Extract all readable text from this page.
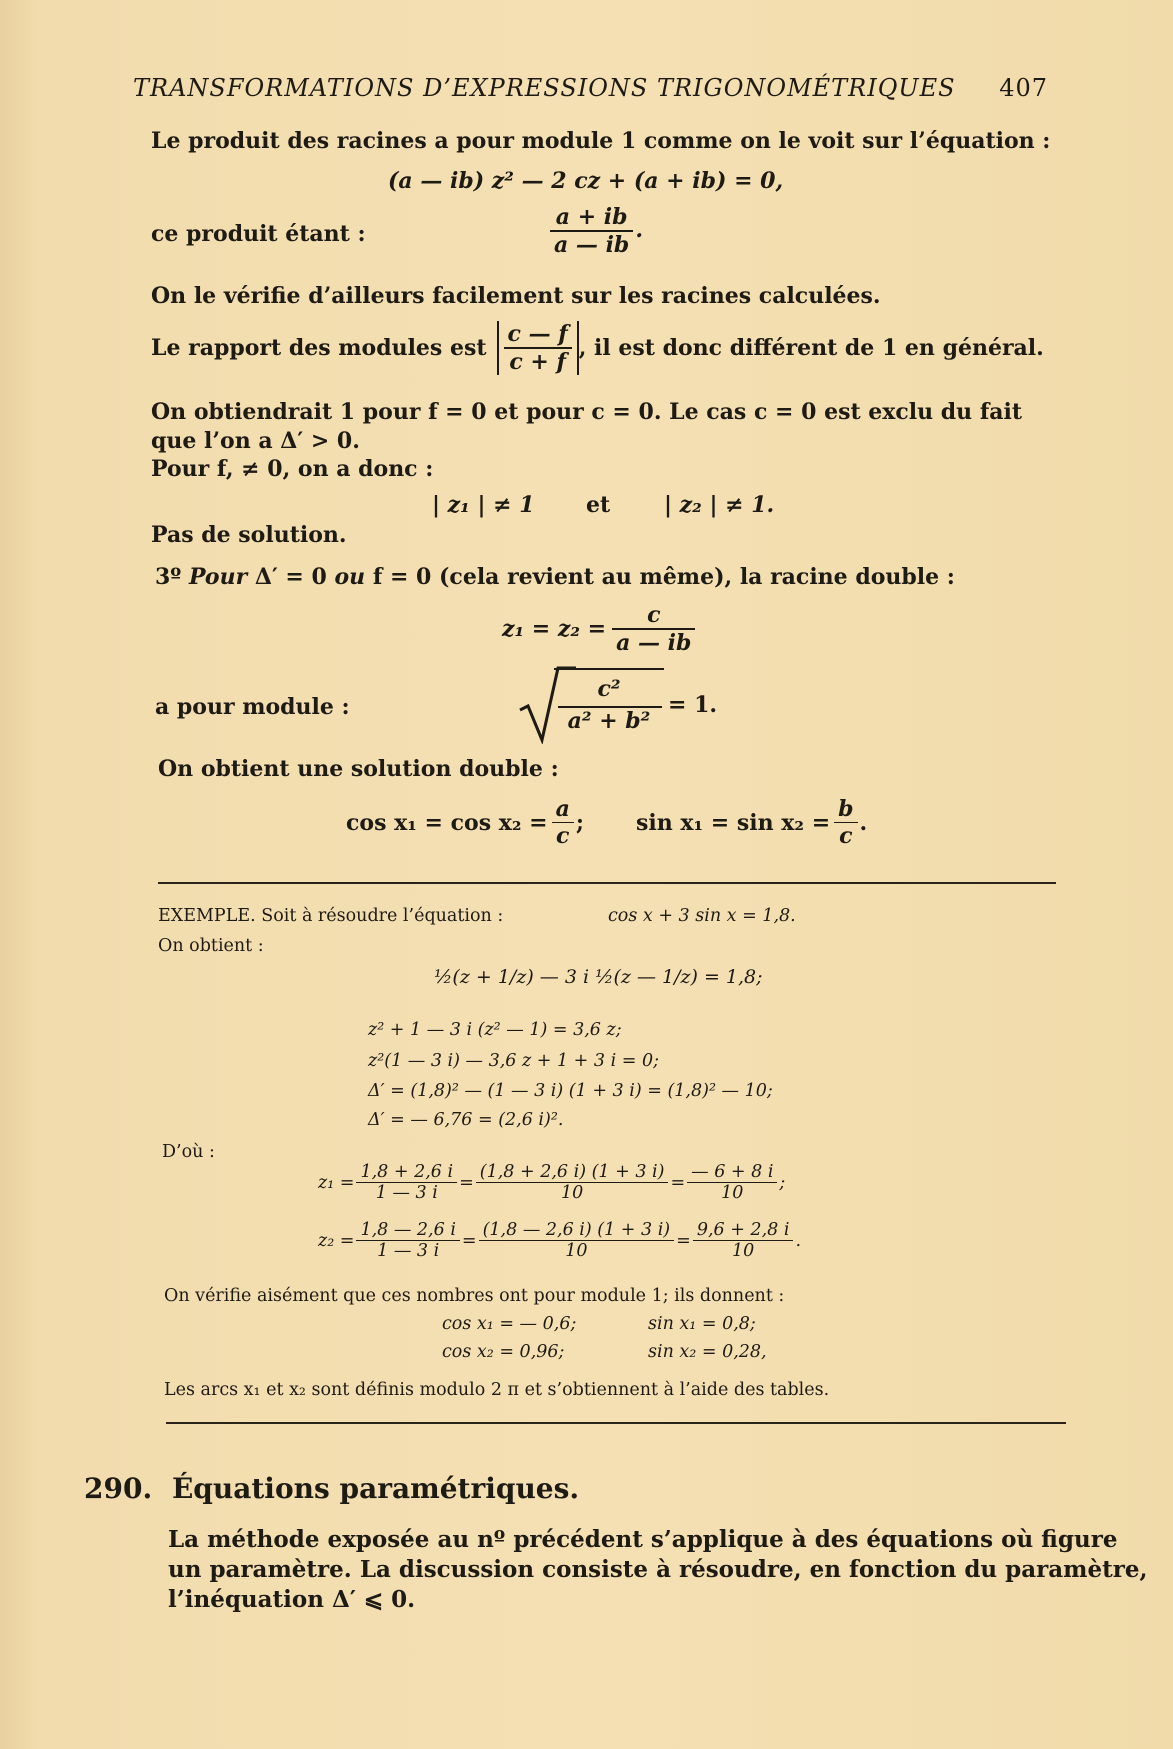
TRANSFORMATIONS D’EXPRESSIONS TRIGONOMÉTRIQUES 407
Le produit des racines a pour module 1 comme on le voit sur l’équation :
(a — ib) z² — 2 cz + (a + ib) = 0,
ce produit étant :	$\frac{a + ib}{a — ib}$ .
On le vérifie d’ailleurs facilement sur les racines calculées.
Le rapport des modules est $\frac{c — f}{c + f}$ , il est donc différent de 1 en général.
On obtiendrait 1 pour f = 0 et pour c = 0. Le cas c = 0 est exclu du fait
que l’on a Δ′ > 0.
Pour f, ≠ 0, on a donc :
| z₁ | ≠ 1 et | z₂ | ≠ 1.
Pas de solution.
3º Pour Δ′ = 0 ou f = 0 (cela revient au même), la racine double :
$z_1 = z_2 = \frac{c}{a — ib}$
a pour module :
c²
a² + b²
= 1.
On obtient une solution double :
$\cos x_1 = \cos x_2 = \frac{a}{c}$ ; $\sin x_1 = \sin x_2 = \frac{b}{c}$ .
EXEMPLE. Soit à résoudre l’équation :	cos x + 3 sin x = 1,8.
On obtient :
½(z + 1/z) — 3 i ½(z — 1/z) = 1,8;
z² + 1 — 3 i (z² — 1) = 3,6 z;
z²(1 — 3 i) — 3,6 z + 1 + 3 i = 0;
Δ′ = (1,8)² — (1 — 3 i) (1 + 3 i) = (1,8)² — 10;
Δ′ = — 6,76 = (2,6 i)².
D’où :
$z_1 = \frac{1,8 + 2,6 i}{1 — 3 i} = \frac{(1,8 + 2,6 i) (1 + 3 i)}{10} = \frac{— 6 + 8 i}{10}$ ;
$z_2 = \frac{1,8 — 2,6 i}{1 — 3 i} = \frac{(1,8 — 2,6 i) (1 + 3 i)}{10} = \frac{9,6 + 2,8 i}{10}$ .
On vérifie aisément que ces nombres ont pour module 1; ils donnent :
cos x₁ = — 0,6;	sin x₁ = 0,8;
cos x₂ = 0,96;	sin x₂ = 0,28,
Les arcs x₁ et x₂ sont définis modulo 2 π et s’obtiennent à l’aide des tables.
290. Équations paramétriques.
La méthode exposée au nº précédent s’applique à des équations où figure
un paramètre. La discussion consiste à résoudre, en fonction du paramètre,
l’inéquation Δ′ ⩽ 0.
